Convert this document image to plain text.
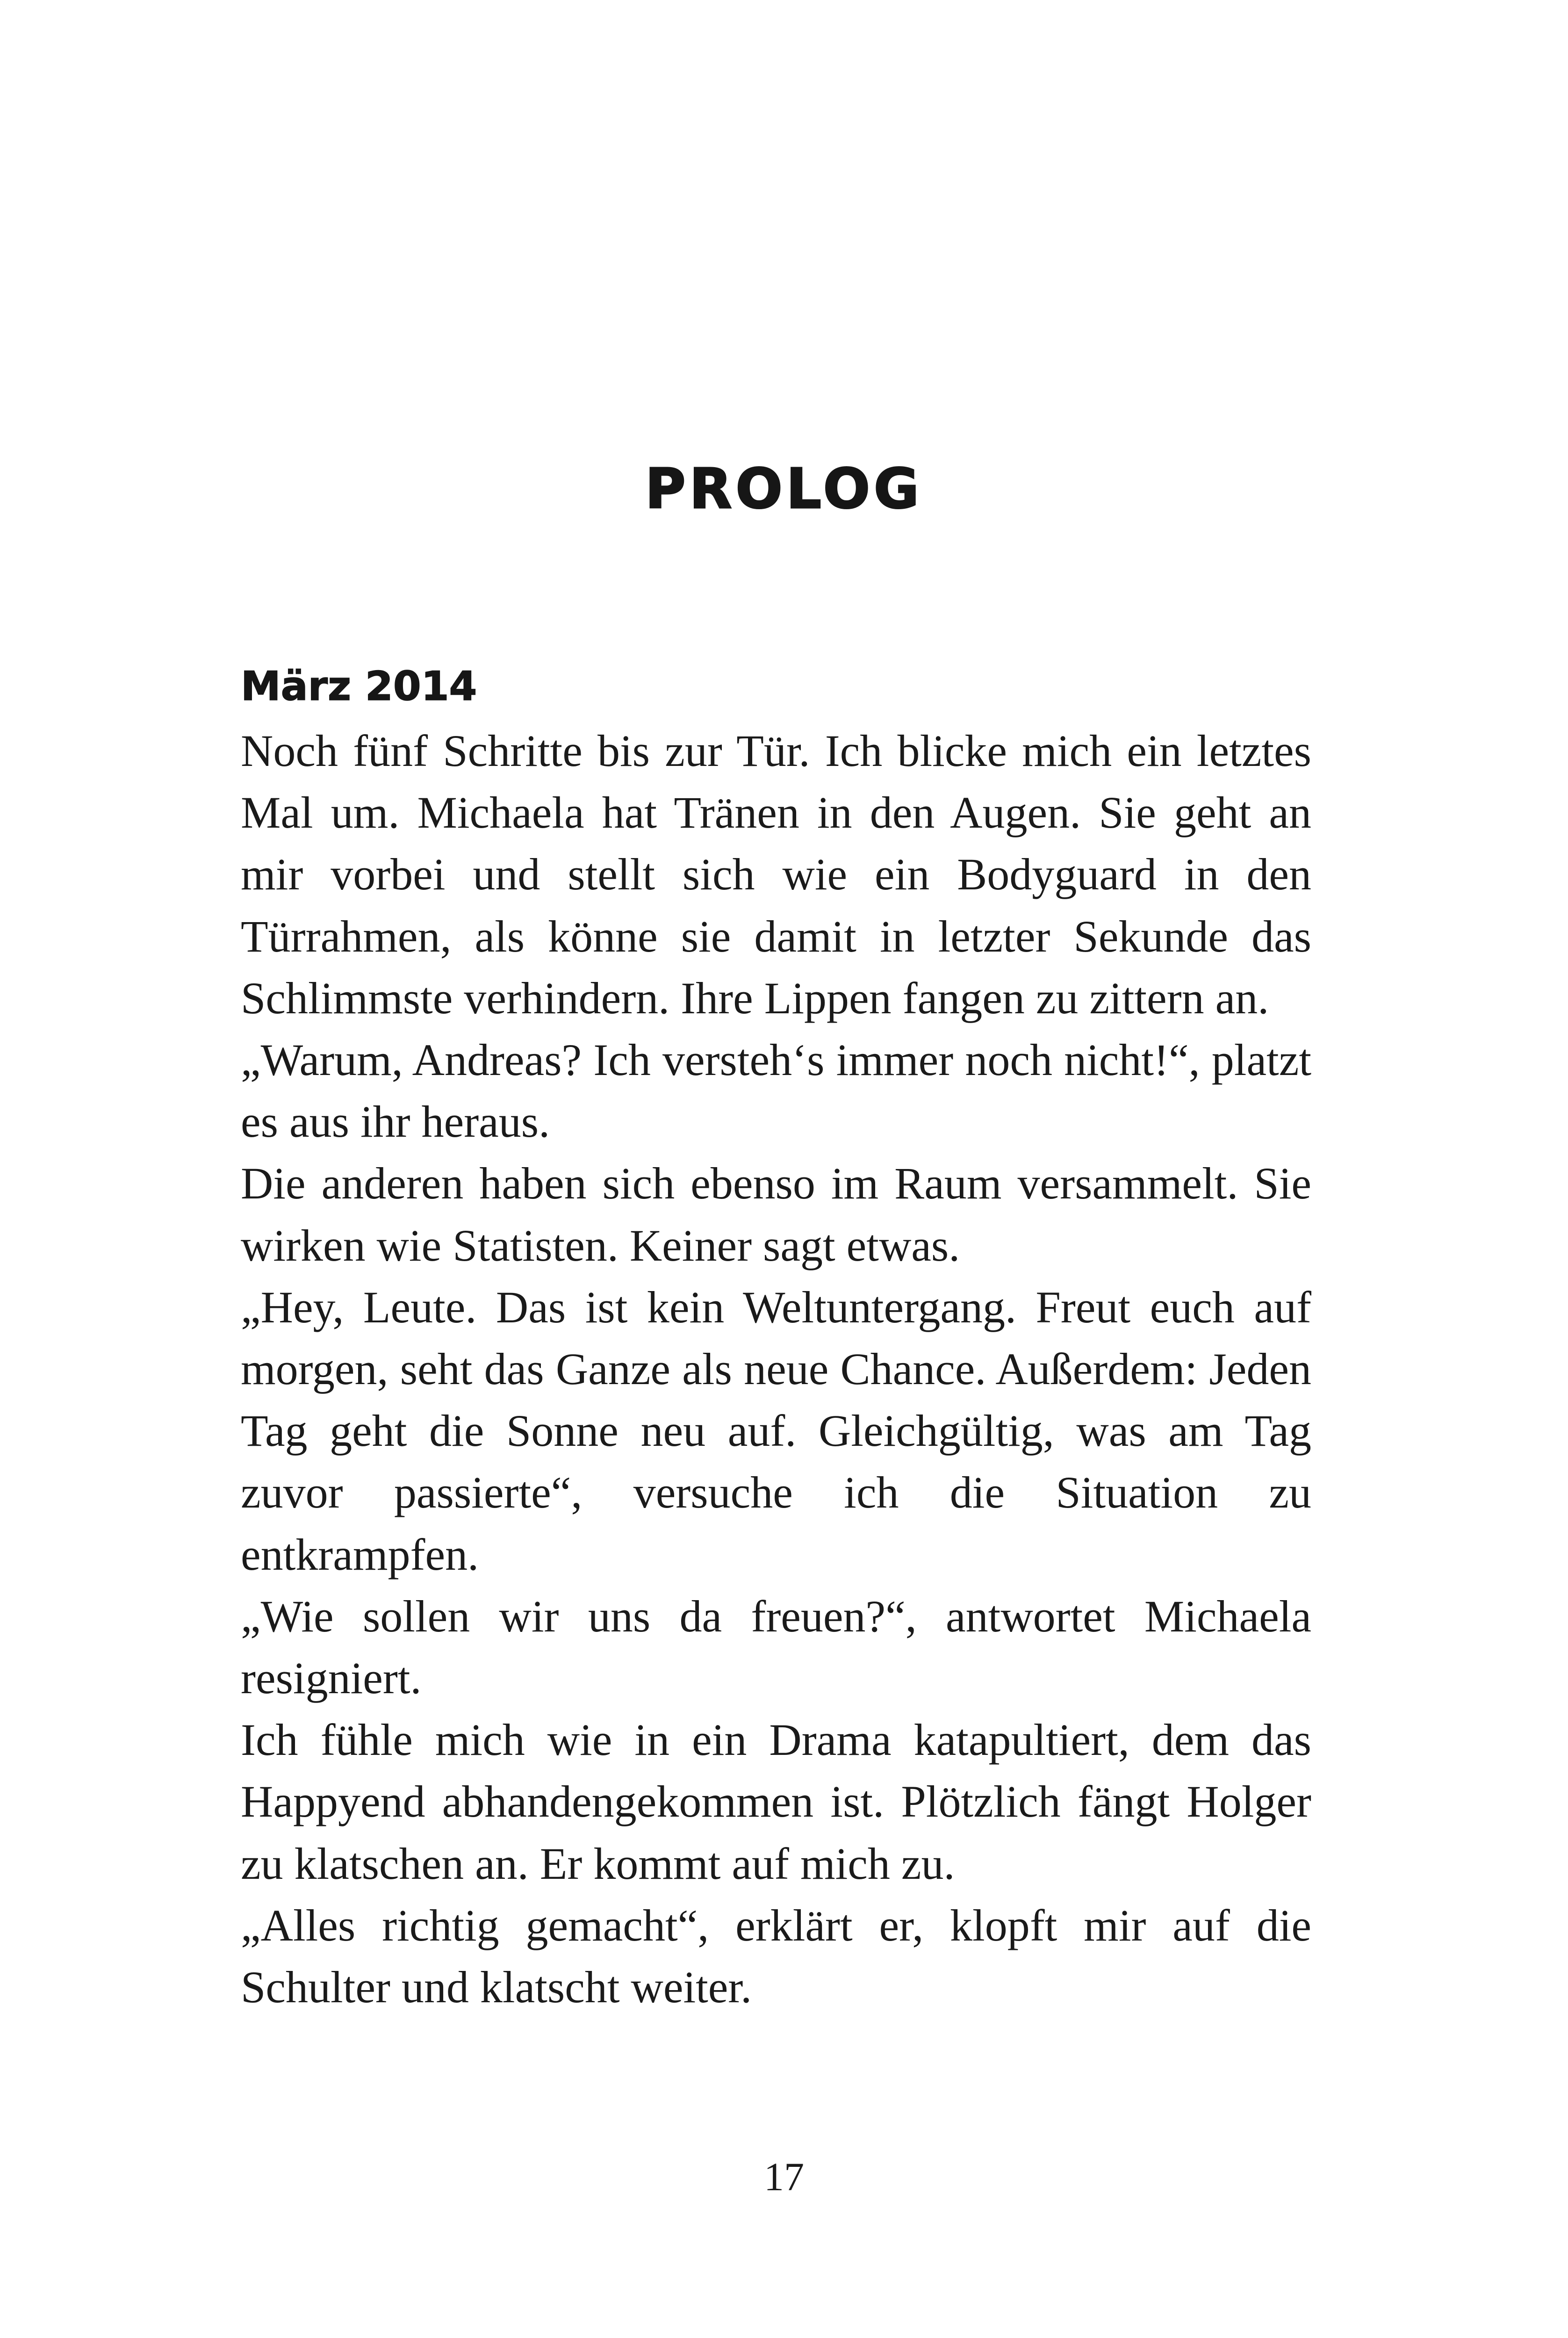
PROLOG
März 2014

Noch fünf Schritte bis zur Tür. Ich blicke mich ein letztes Mal um. Michaela hat Tränen in den Augen. Sie geht an mir vorbei und stellt sich wie ein Bodyguard in den Türrahmen, als könne sie damit in letzter Sekunde das Schlimmste verhindern. Ihre Lippen fangen zu zittern an.

„Warum, Andreas? Ich versteh‘s immer noch nicht!“, platzt es aus ihr heraus.

Die anderen haben sich ebenso im Raum versammelt. Sie wirken wie Statisten. Keiner sagt etwas.

„Hey, Leute. Das ist kein Weltuntergang. Freut euch auf morgen, seht das Ganze als neue Chance. Außerdem: Jeden Tag geht die Sonne neu auf. Gleichgültig, was am Tag zuvor passierte“, versuche ich die Situation zu entkrampfen.

„Wie sollen wir uns da freuen?“, antwortet Michaela resigniert.

Ich fühle mich wie in ein Drama katapultiert, dem das Happyend abhandengekommen ist. Plötzlich fängt Holger zu klatschen an. Er kommt auf mich zu.

„Alles richtig gemacht“, erklärt er, klopft mir auf die Schulter und klatscht weiter.

17
